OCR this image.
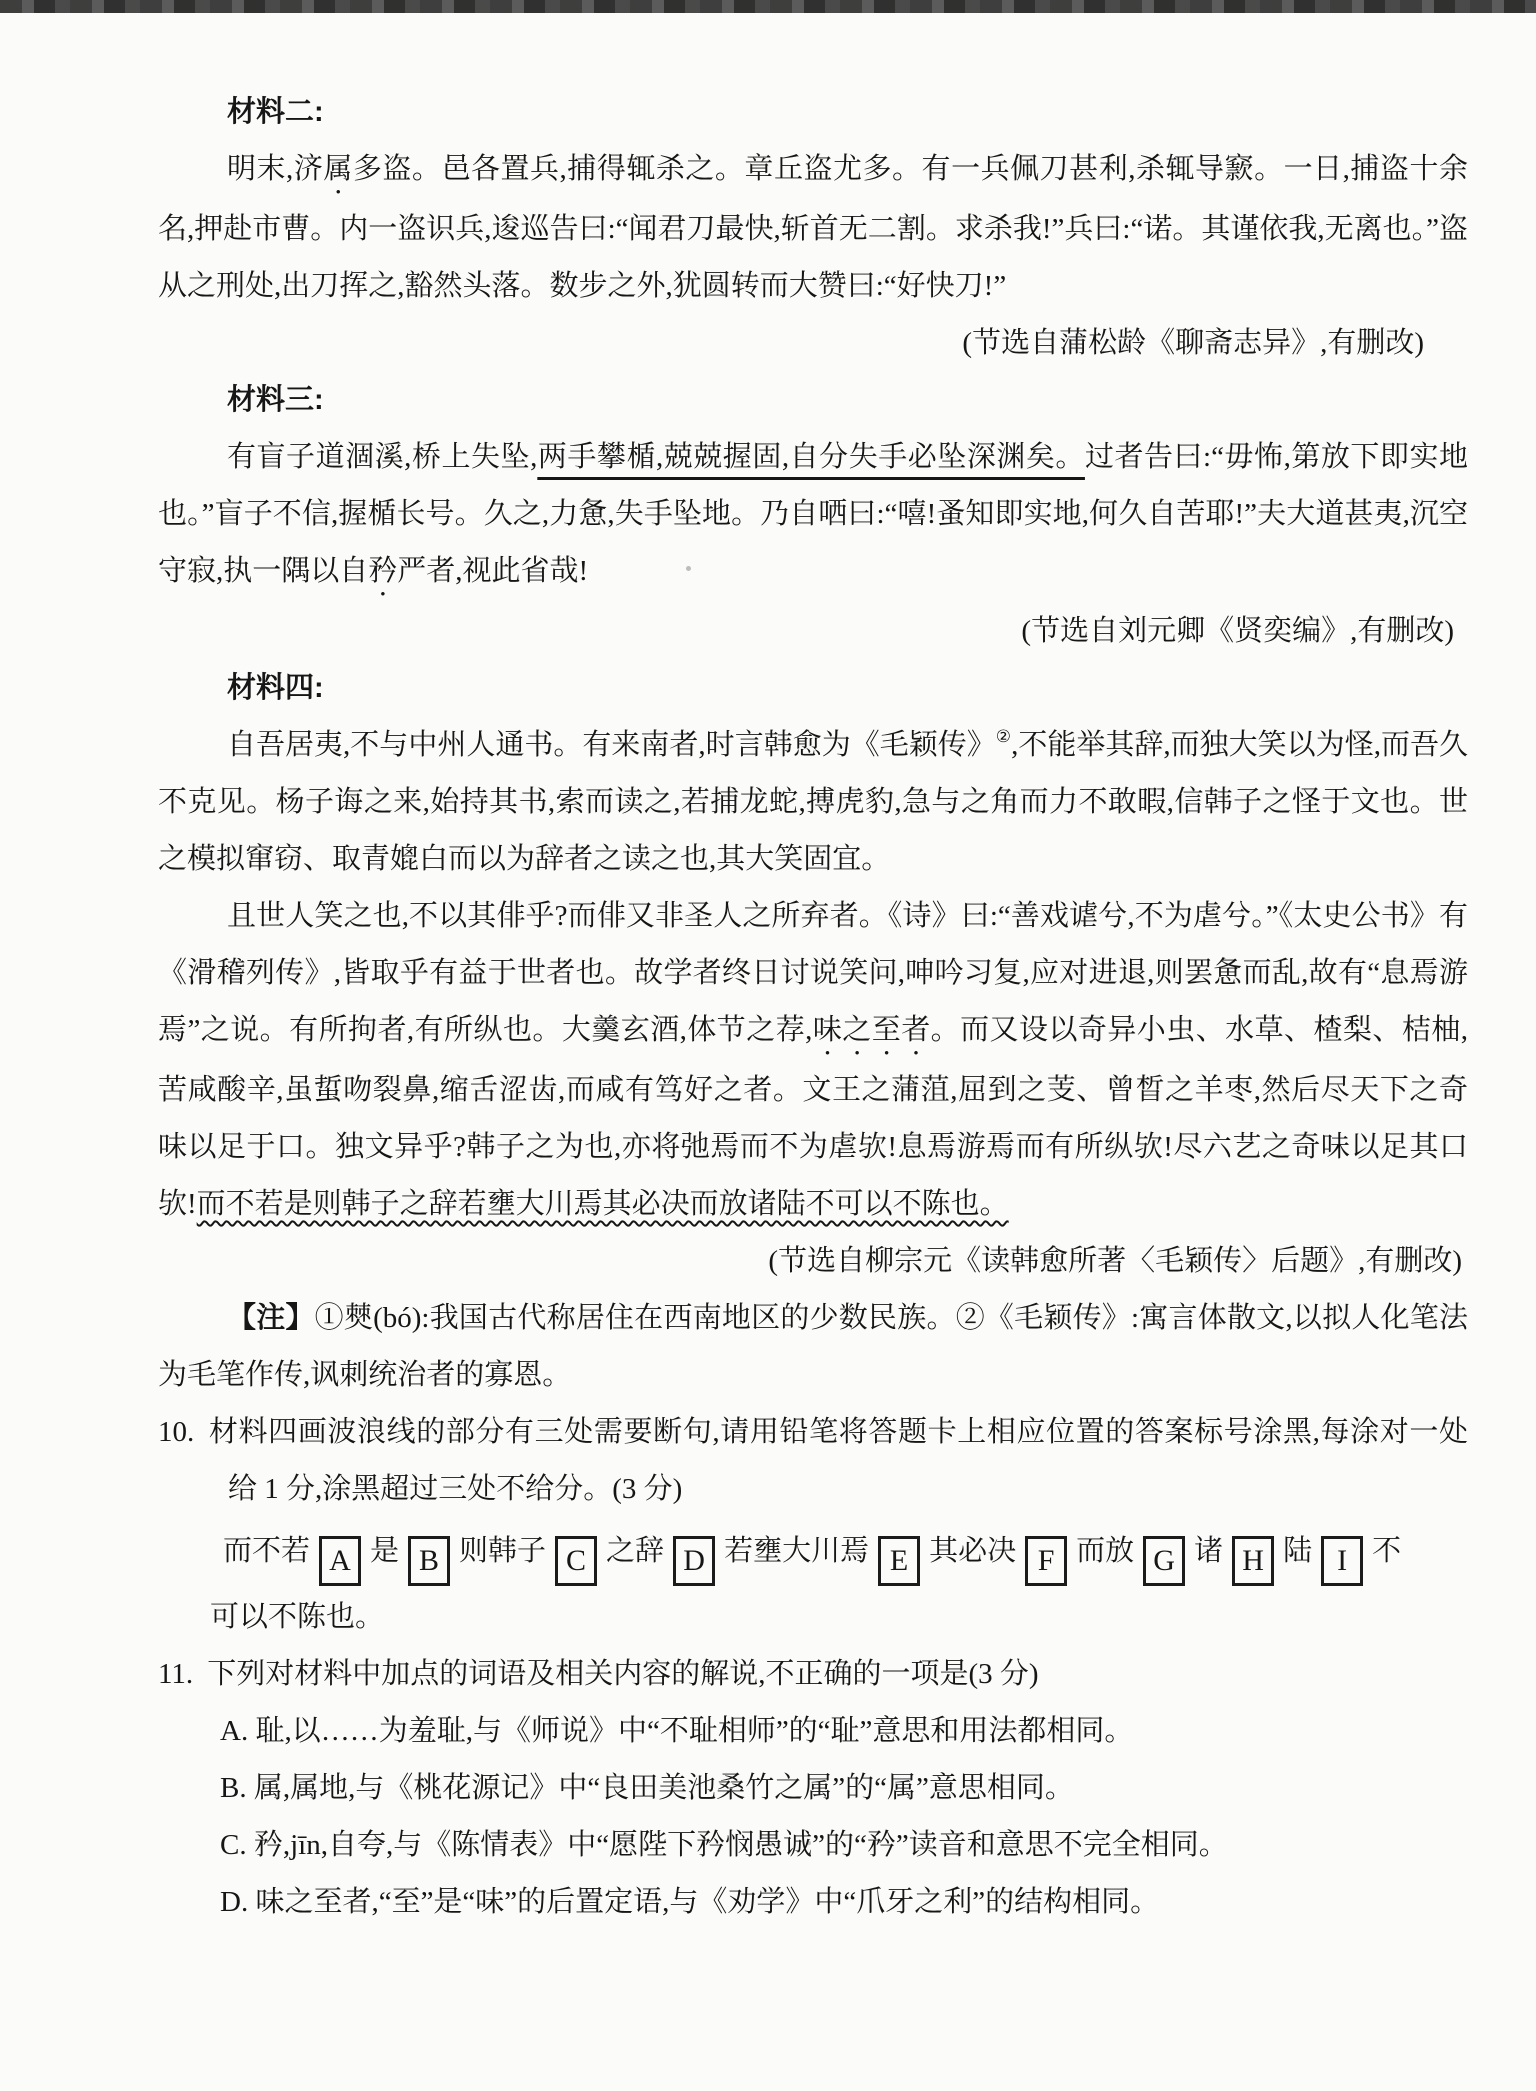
材料二:

明末,济属多盗。邑各置兵,捕得辄杀之。章丘盗尤多。有一兵佩刀甚利,杀辄导窾。一日,捕盗十余名,押赴市曹。内一盗识兵,逡巡告曰:“闻君刀最快,斩首无二割。求杀我!”兵曰:“诺。其谨依我,无离也。”盗从之刑处,出刀挥之,豁然头落。数步之外,犹圆转而大赞曰:“好快刀!”

(节选自蒲松龄《聊斋志异》,有删改)

材料三:

有盲子道涸溪,桥上失坠,两手攀楯,兢兢握固,自分失手必坠深渊矣。过者告曰:“毋怖,第放下即实地也。”盲子不信,握楯长号。久之,力惫,失手坠地。乃自哂曰:“嘻!蚤知即实地,何久自苦耶!”夫大道甚夷,沉空守寂,执一隅以自矜严者,视此省哉!

(节选自刘元卿《贤奕编》,有删改)

材料四:

自吾居夷,不与中州人通书。有来南者,时言韩愈为《毛颖传》②,不能举其辞,而独大笑以为怪,而吾久不克见。杨子诲之来,始持其书,索而读之,若捕龙蛇,搏虎豹,急与之角而力不敢暇,信韩子之怪于文也。世之模拟窜窃、取青媲白而以为辞者之读之也,其大笑固宜。

且世人笑之也,不以其俳乎?而俳又非圣人之所弃者。《诗》曰:“善戏谑兮,不为虐兮。”《太史公书》有《滑稽列传》,皆取乎有益于世者也。故学者终日讨说笑问,呻吟习复,应对进退,则罢惫而乱,故有“息焉游焉”之说。有所拘者,有所纵也。大羹玄酒,体节之荐,味之至者。而又设以奇异小虫、水草、楂梨、桔柚,苦咸酸辛,虽蜇吻裂鼻,缩舌涩齿,而咸有笃好之者。文王之蒲菹,屈到之芰、曾晳之羊枣,然后尽天下之奇味以足于口。独文异乎?韩子之为也,亦将弛焉而不为虐欤!息焉游焉而有所纵欤!尽六艺之奇味以足其口欤!而不若是则韩子之辞若壅大川焉其必决而放诸陆不可以不陈也。

(节选自柳宗元《读韩愈所著〈毛颖传〉后题》,有删改)

【注】①僰(bó):我国古代称居住在西南地区的少数民族。②《毛颖传》:寓言体散文,以拟人化笔法为毛笔作传,讽刺统治者的寡恩。

10. 材料四画波浪线的部分有三处需要断句,请用铅笔将答题卡上相应位置的答案标号涂黑,每涂对一处给 1 分,涂黑超过三处不给分。(3 分)

而不若 A 是 B 则韩子 C 之辞 D 若壅大川焉 E 其必决 F 而放 G 诸 H 陆 I 不

可以不陈也。

11. 下列对材料中加点的词语及相关内容的解说,不正确的一项是(3 分)

A. 耻,以……为羞耻,与《师说》中“不耻相师”的“耻”意思和用法都相同。

B. 属,属地,与《桃花源记》中“良田美池桑竹之属”的“属”意思相同。

C. 矜,jīn,自夸,与《陈情表》中“愿陛下矜悯愚诚”的“矜”读音和意思不完全相同。

D. 味之至者,“至”是“味”的后置定语,与《劝学》中“爪牙之利”的结构相同。
